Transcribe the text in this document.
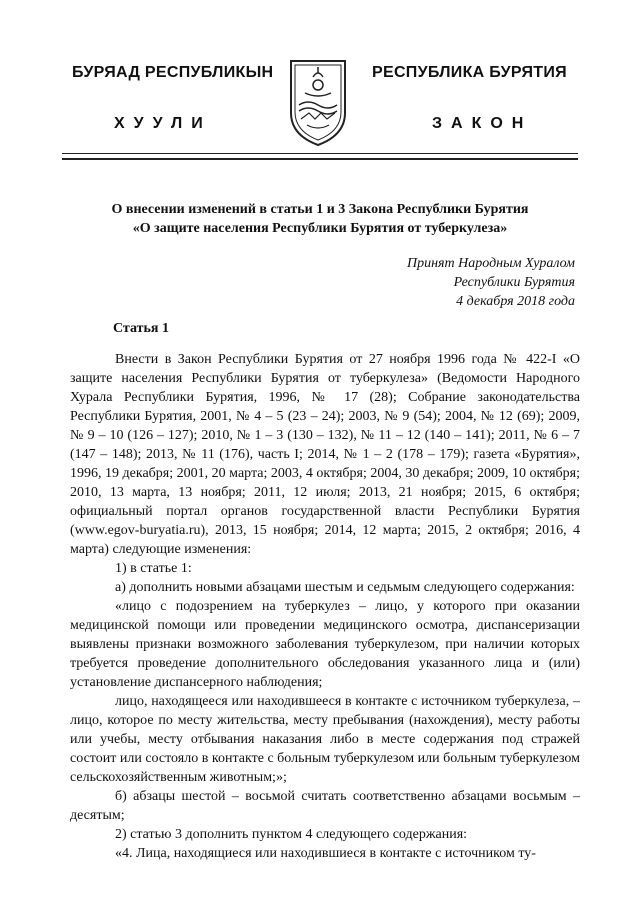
БУРЯАД РЕСПУБЛИКЫН	РЕСПУБЛИКА БУРЯТИЯ
ХУУЛИ	ЗАКОН
О внесении изменений в статьи 1 и 3 Закона Республики Бурятия
«О защите населения Республики Бурятия от туберкулеза»
Принят Народным Хуралом
Республики Бурятия
4 декабря 2018 года
Статья 1

Внести в Закон Республики Бурятия от 27 ноября 1996 года № 422-I «О защите населения Республики Бурятия от туберкулеза» (Ведомости Народного Хурала Республики Бурятия, 1996, № 17 (28); Собрание законодательства Республики Бурятия, 2001, № 4 – 5 (23 – 24); 2003, № 9 (54); 2004, № 12 (69); 2009, № 9 – 10 (126 – 127); 2010, № 1 – 3 (130 – 132), № 11 – 12 (140 – 141); 2011, № 6 – 7 (147 – 148); 2013, № 11 (176), часть I; 2014, № 1 – 2 (178 – 179); газета «Бурятия», 1996, 19 декабря; 2001, 20 марта; 2003, 4 октября; 2004, 30 декабря; 2009, 10 октября; 2010, 13 марта, 13 ноября; 2011, 12 июля; 2013, 21 ноября; 2015, 6 октября; официальный портал органов государственной власти Республики Бурятия (www.egov-buryatia.ru), 2013, 15 ноября; 2014, 12 марта; 2015, 2 октября; 2016, 4 марта) следующие изменения:

1) в статье 1:

а) дополнить новыми абзацами шестым и седьмым следующего содержания:

«лицо с подозрением на туберкулез – лицо, у которого при оказании медицинской помощи или проведении медицинского осмотра, диспансеризации выявлены признаки возможного заболевания туберкулезом, при наличии которых требуется проведение дополнительного обследования указанного лица и (или) установление диспансерного наблюдения;

лицо, находящееся или находившееся в контакте с источником туберкулеза, – лицо, которое по месту жительства, месту пребывания (нахождения), месту работы или учебы, месту отбывания наказания либо в месте содержания под стражей состоит или состояло в контакте с больным туберкулезом или больным туберкулезом сельскохозяйственным животным;»;

б) абзацы шестой – восьмой считать соответственно абзацами восьмым – десятым;

2) статью 3 дополнить пунктом 4 следующего содержания:

«4. Лица, находящиеся или находившиеся в контакте с источником ту-
